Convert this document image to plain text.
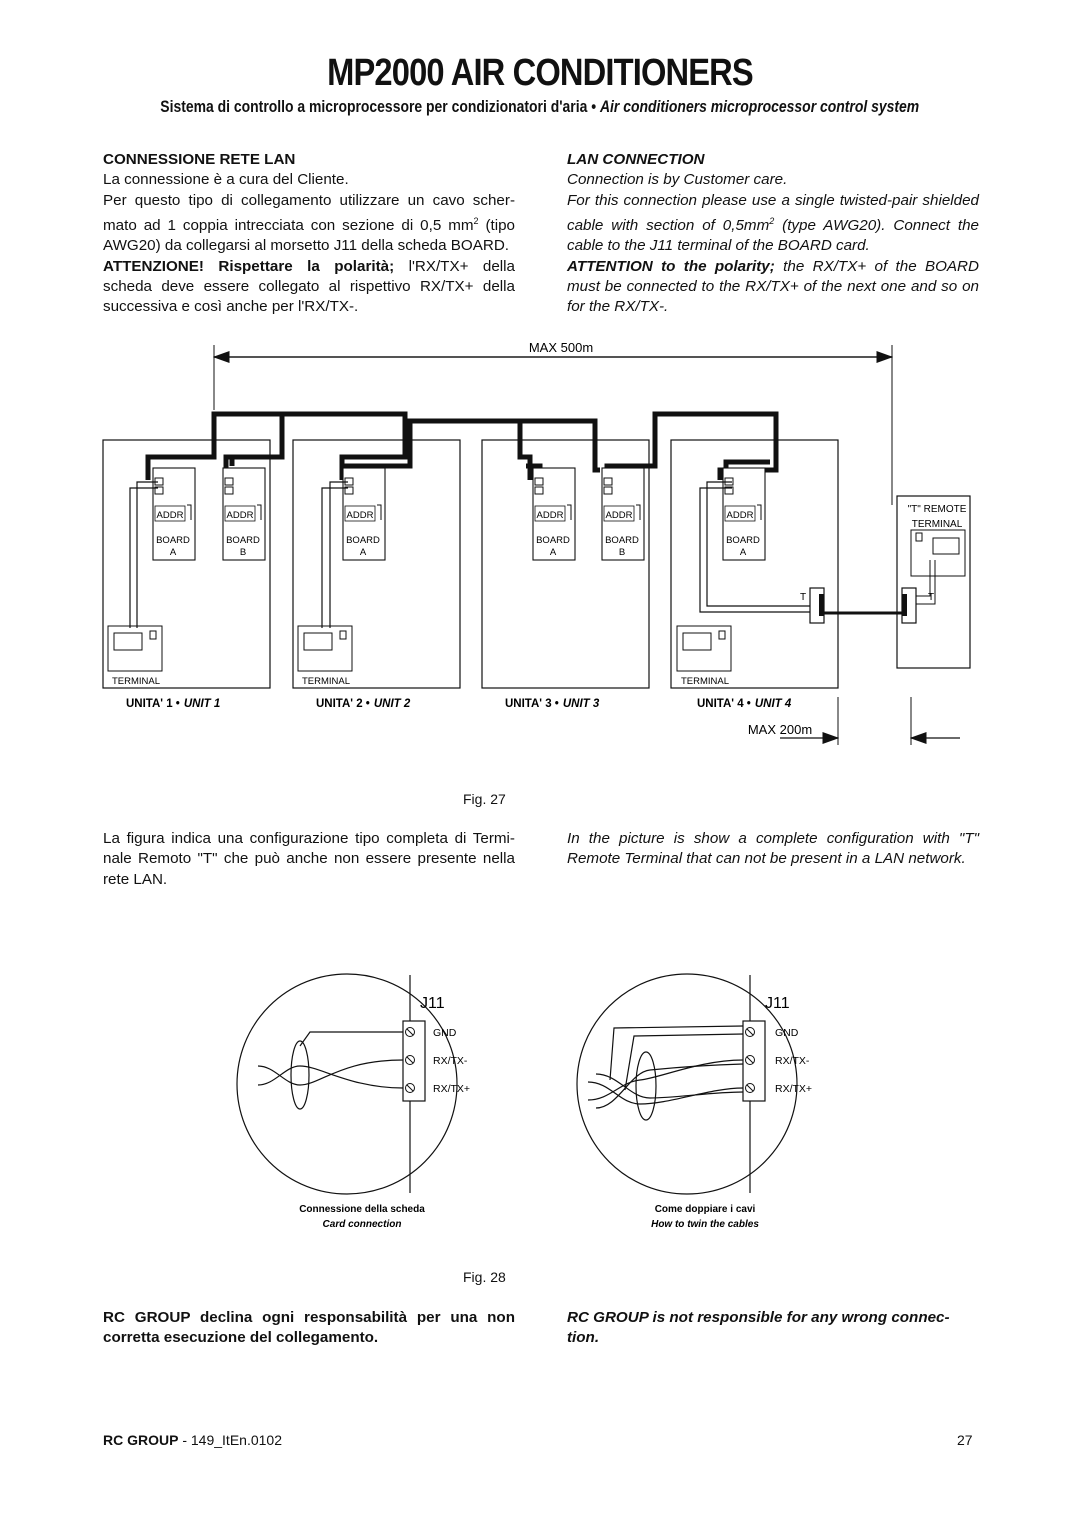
MP2000 AIR CONDITIONERS
Sistema di controllo a microprocessore per condizionatori d'aria • Air conditioners microprocessor control system

CONNESSIONE RETE LAN

La connessione è a cura del Cliente.

Per questo tipo di collegamento utilizzare un cavo scher-mato ad 1 coppia intrecciata con sezione di 0,5 $mm^2$ (tipo AWG20) da collegarsi al morsetto J11 della scheda BOARD.

ATTENZIONE! Rispettare la polarità; l'RX/TX+ della scheda deve essere collegato al rispettivo RX/TX+ della successiva e così anche per l'RX/TX-.

LAN CONNECTION

Connection is by Customer care.

For this connection please use a single twisted-pair shielded cable with section of $0,5mm^2$ (type AWG20). Connect the cable to the J11 terminal of the BOARD card.

ATTENTION to the polarity; the RX/TX+ of the BOARD must be connected to the RX/TX+ of the next one and so on for the RX/TX-.

MAX 500m
ADDR
BOARD
A
ADDR
BOARD
B
ADDR
BOARD
A
ADDR
BOARD
A
ADDR
BOARD
B
ADDR
BOARD
A
TERMINAL	TERMINAL	TERMINAL
T	T
"T" REMOTE
TERMINAL
MAX 200m
UNITA' 1 • UNIT 1	UNITA' 2 • UNIT 2	UNITA' 3 • UNIT 3	UNITA' 4 • UNIT 4
Fig. 27

La figura indica una configurazione tipo completa di Termi-nale Remoto "T" che può anche non essere presente nella rete LAN.

In the picture is show a complete configuration with "T" Remote Terminal that can not be present in a LAN network.

J11
GND
RX/TX-
RX/TX+
J11
GND
RX/TX-
RX/TX+
Connessione della scheda
Card connection
Come doppiare i cavi
How to twin the cables
Fig. 28
RC GROUP declina ogni responsabilità per una non corretta esecuzione del collegamento.
RC GROUP is not responsible for any wrong connec-tion.
RC GROUP - 149_ItEn.0102	27
